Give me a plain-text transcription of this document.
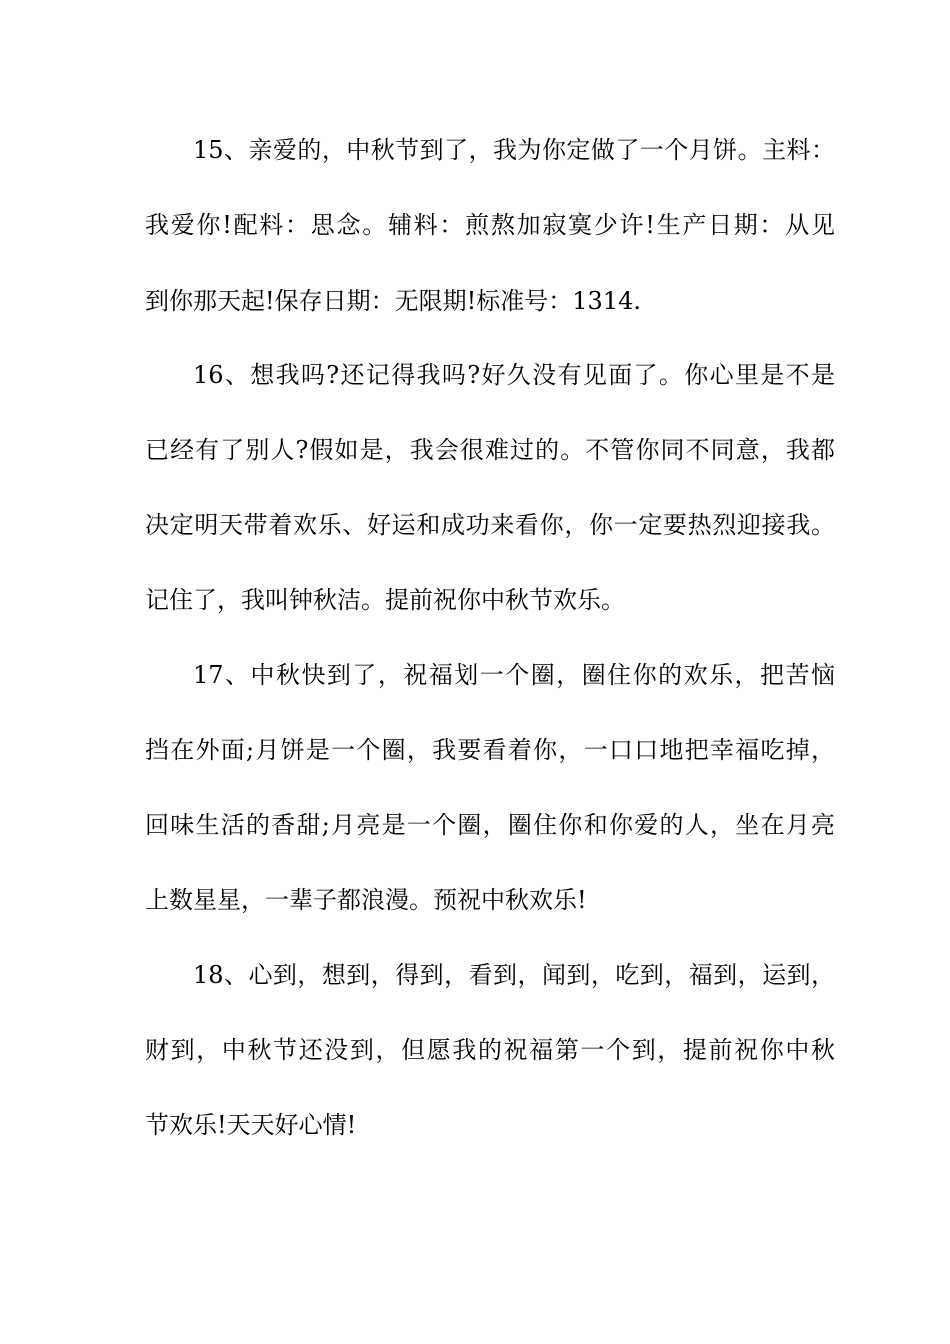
15、亲爱的，中秋节到了，我为你定做了一个月饼。主料：
我爱你!配料：思念。辅料：煎熬加寂寞少许!生产日期：从见
到你那天起!保存日期：无限期!标准号：1314.
16、想我吗?还记得我吗?好久没有见面了。你心里是不是
已经有了别人?假如是，我会很难过的。不管你同不同意，我都
决定明天带着欢乐、好运和成功来看你，你一定要热烈迎接我。
记住了，我叫钟秋洁。提前祝你中秋节欢乐。
17、中秋快到了，祝福划一个圈，圈住你的欢乐，把苦恼
挡在外面;月饼是一个圈，我要看着你，一口口地把幸福吃掉，
回味生活的香甜;月亮是一个圈，圈住你和你爱的人，坐在月亮
上数星星，一辈子都浪漫。预祝中秋欢乐!
18、心到，想到，得到，看到，闻到，吃到，福到，运到，
财到，中秋节还没到，但愿我的祝福第一个到，提前祝你中秋
节欢乐!天天好心情!
